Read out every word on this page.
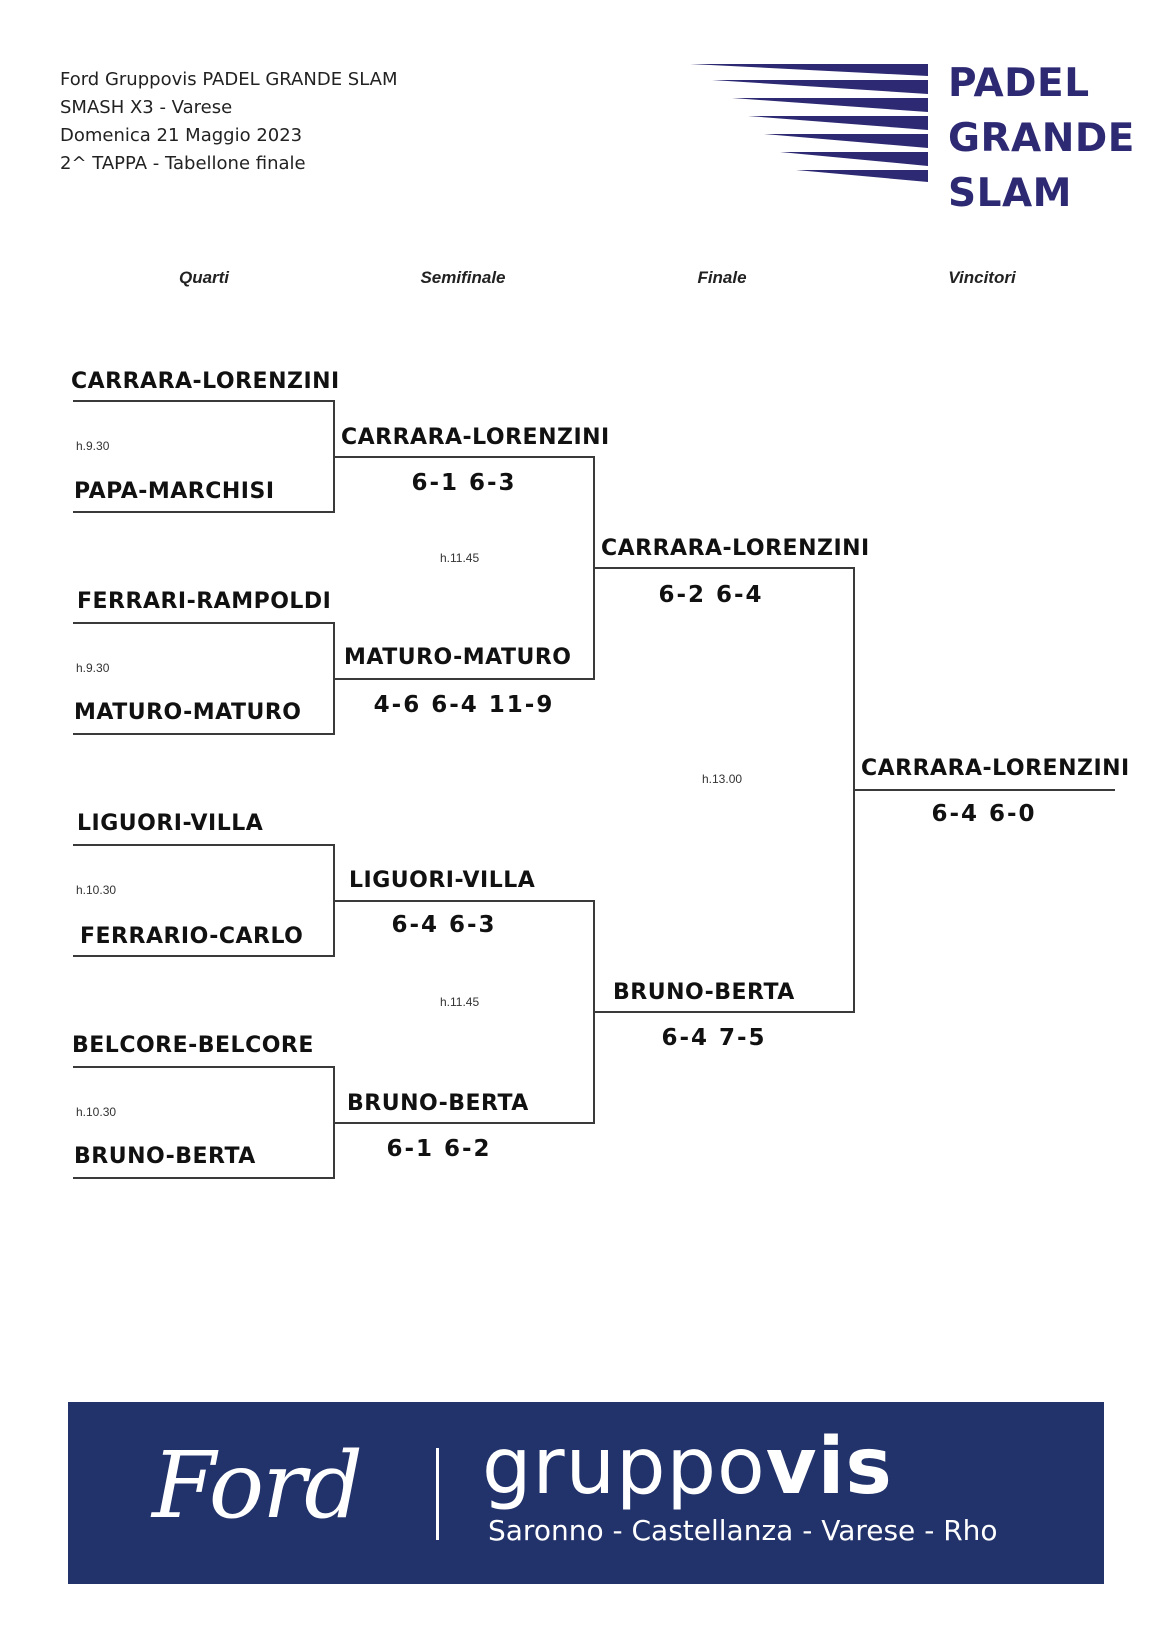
Ford Gruppovis PADEL GRANDE SLAM
SMASH X3 - Varese
Domenica 21 Maggio 2023
2^ TAPPA - Tabellone finale
PADEL
GRANDE
SLAM
Quarti	Semifinale	Finale	Vincitori
CARRARA-LORENZINI
h.9.30
PAPA-MARCHISI
FERRARI-RAMPOLDI
h.9.30
MATURO-MATURO
LIGUORI-VILLA
h.10.30
FERRARIO-CARLO
BELCORE-BELCORE
h.10.30
BRUNO-BERTA
CARRARA-LORENZINI
6-1 6-3
MATURO-MATURO
4-6 6-4 11-9
LIGUORI-VILLA
6-4 6-3
BRUNO-BERTA
6-1 6-2
h.11.45
h.11.45
CARRARA-LORENZINI
6-2 6-4
BRUNO-BERTA
6-4 7-5
h.13.00	CARRARA-LORENZINI
6-4 6-0
Ford gruppovis
Saronno - Castellanza - Varese - Rho
